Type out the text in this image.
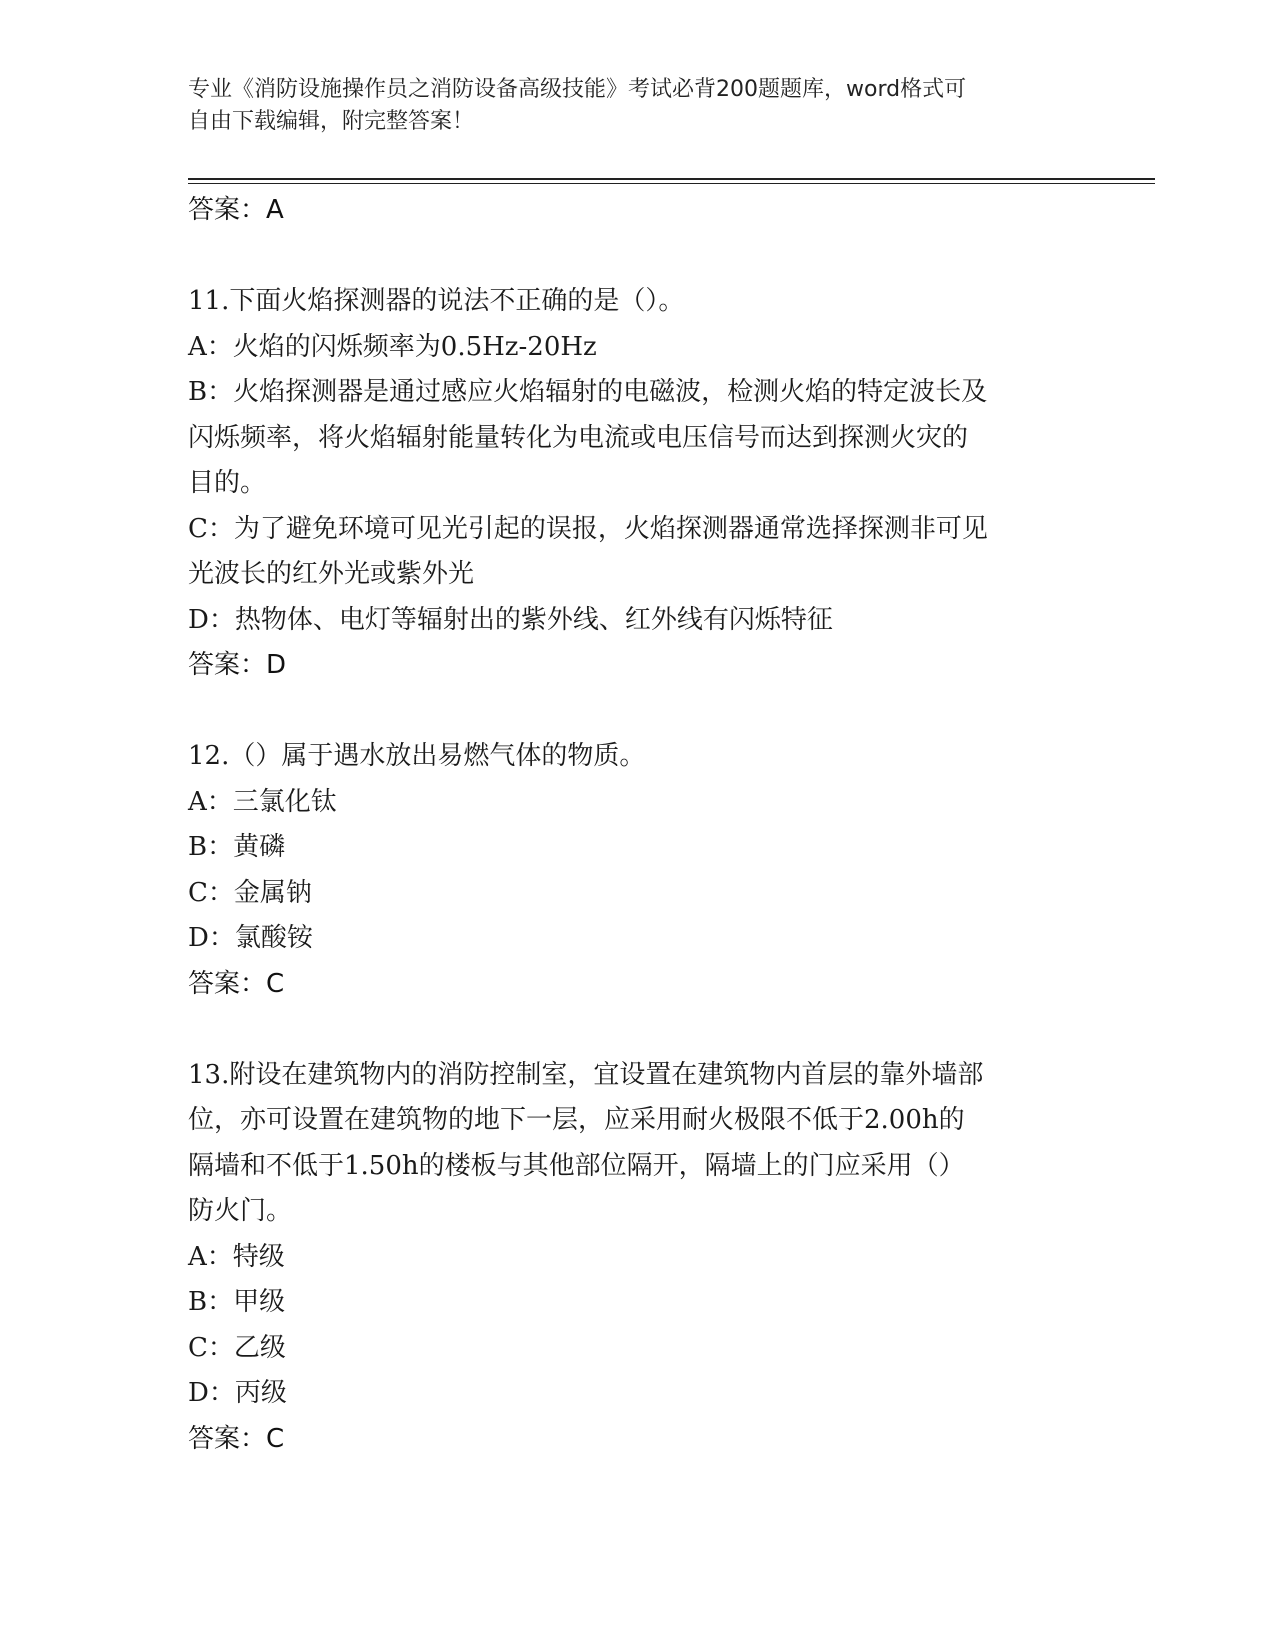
专业《消防设施操作员之消防设备高级技能》考试必背200题题库，word格式可
自由下载编辑，附完整答案！
答案：A
11.下面火焰探测器的说法不正确的是（）。
A：火焰的闪烁频率为0.5Hz-20Hz
B：火焰探测器是通过感应火焰辐射的电磁波，检测火焰的特定波长及
闪烁频率，将火焰辐射能量转化为电流或电压信号而达到探测火灾的
目的。
C：为了避免环境可见光引起的误报，火焰探测器通常选择探测非可见
光波长的红外光或紫外光
D：热物体、电灯等辐射出的紫外线、红外线有闪烁特征
答案：D
12.（）属于遇水放出易燃气体的物质。
A：三氯化钛
B：黄磷
C：金属钠
D：氯酸铵
答案：C
13.附设在建筑物内的消防控制室，宜设置在建筑物内首层的靠外墙部
位，亦可设置在建筑物的地下一层，应采用耐火极限不低于2.00h的
隔墙和不低于1.50h的楼板与其他部位隔开，隔墙上的门应采用（）
防火门。
A：特级
B：甲级
C：乙级
D：丙级
答案：C
